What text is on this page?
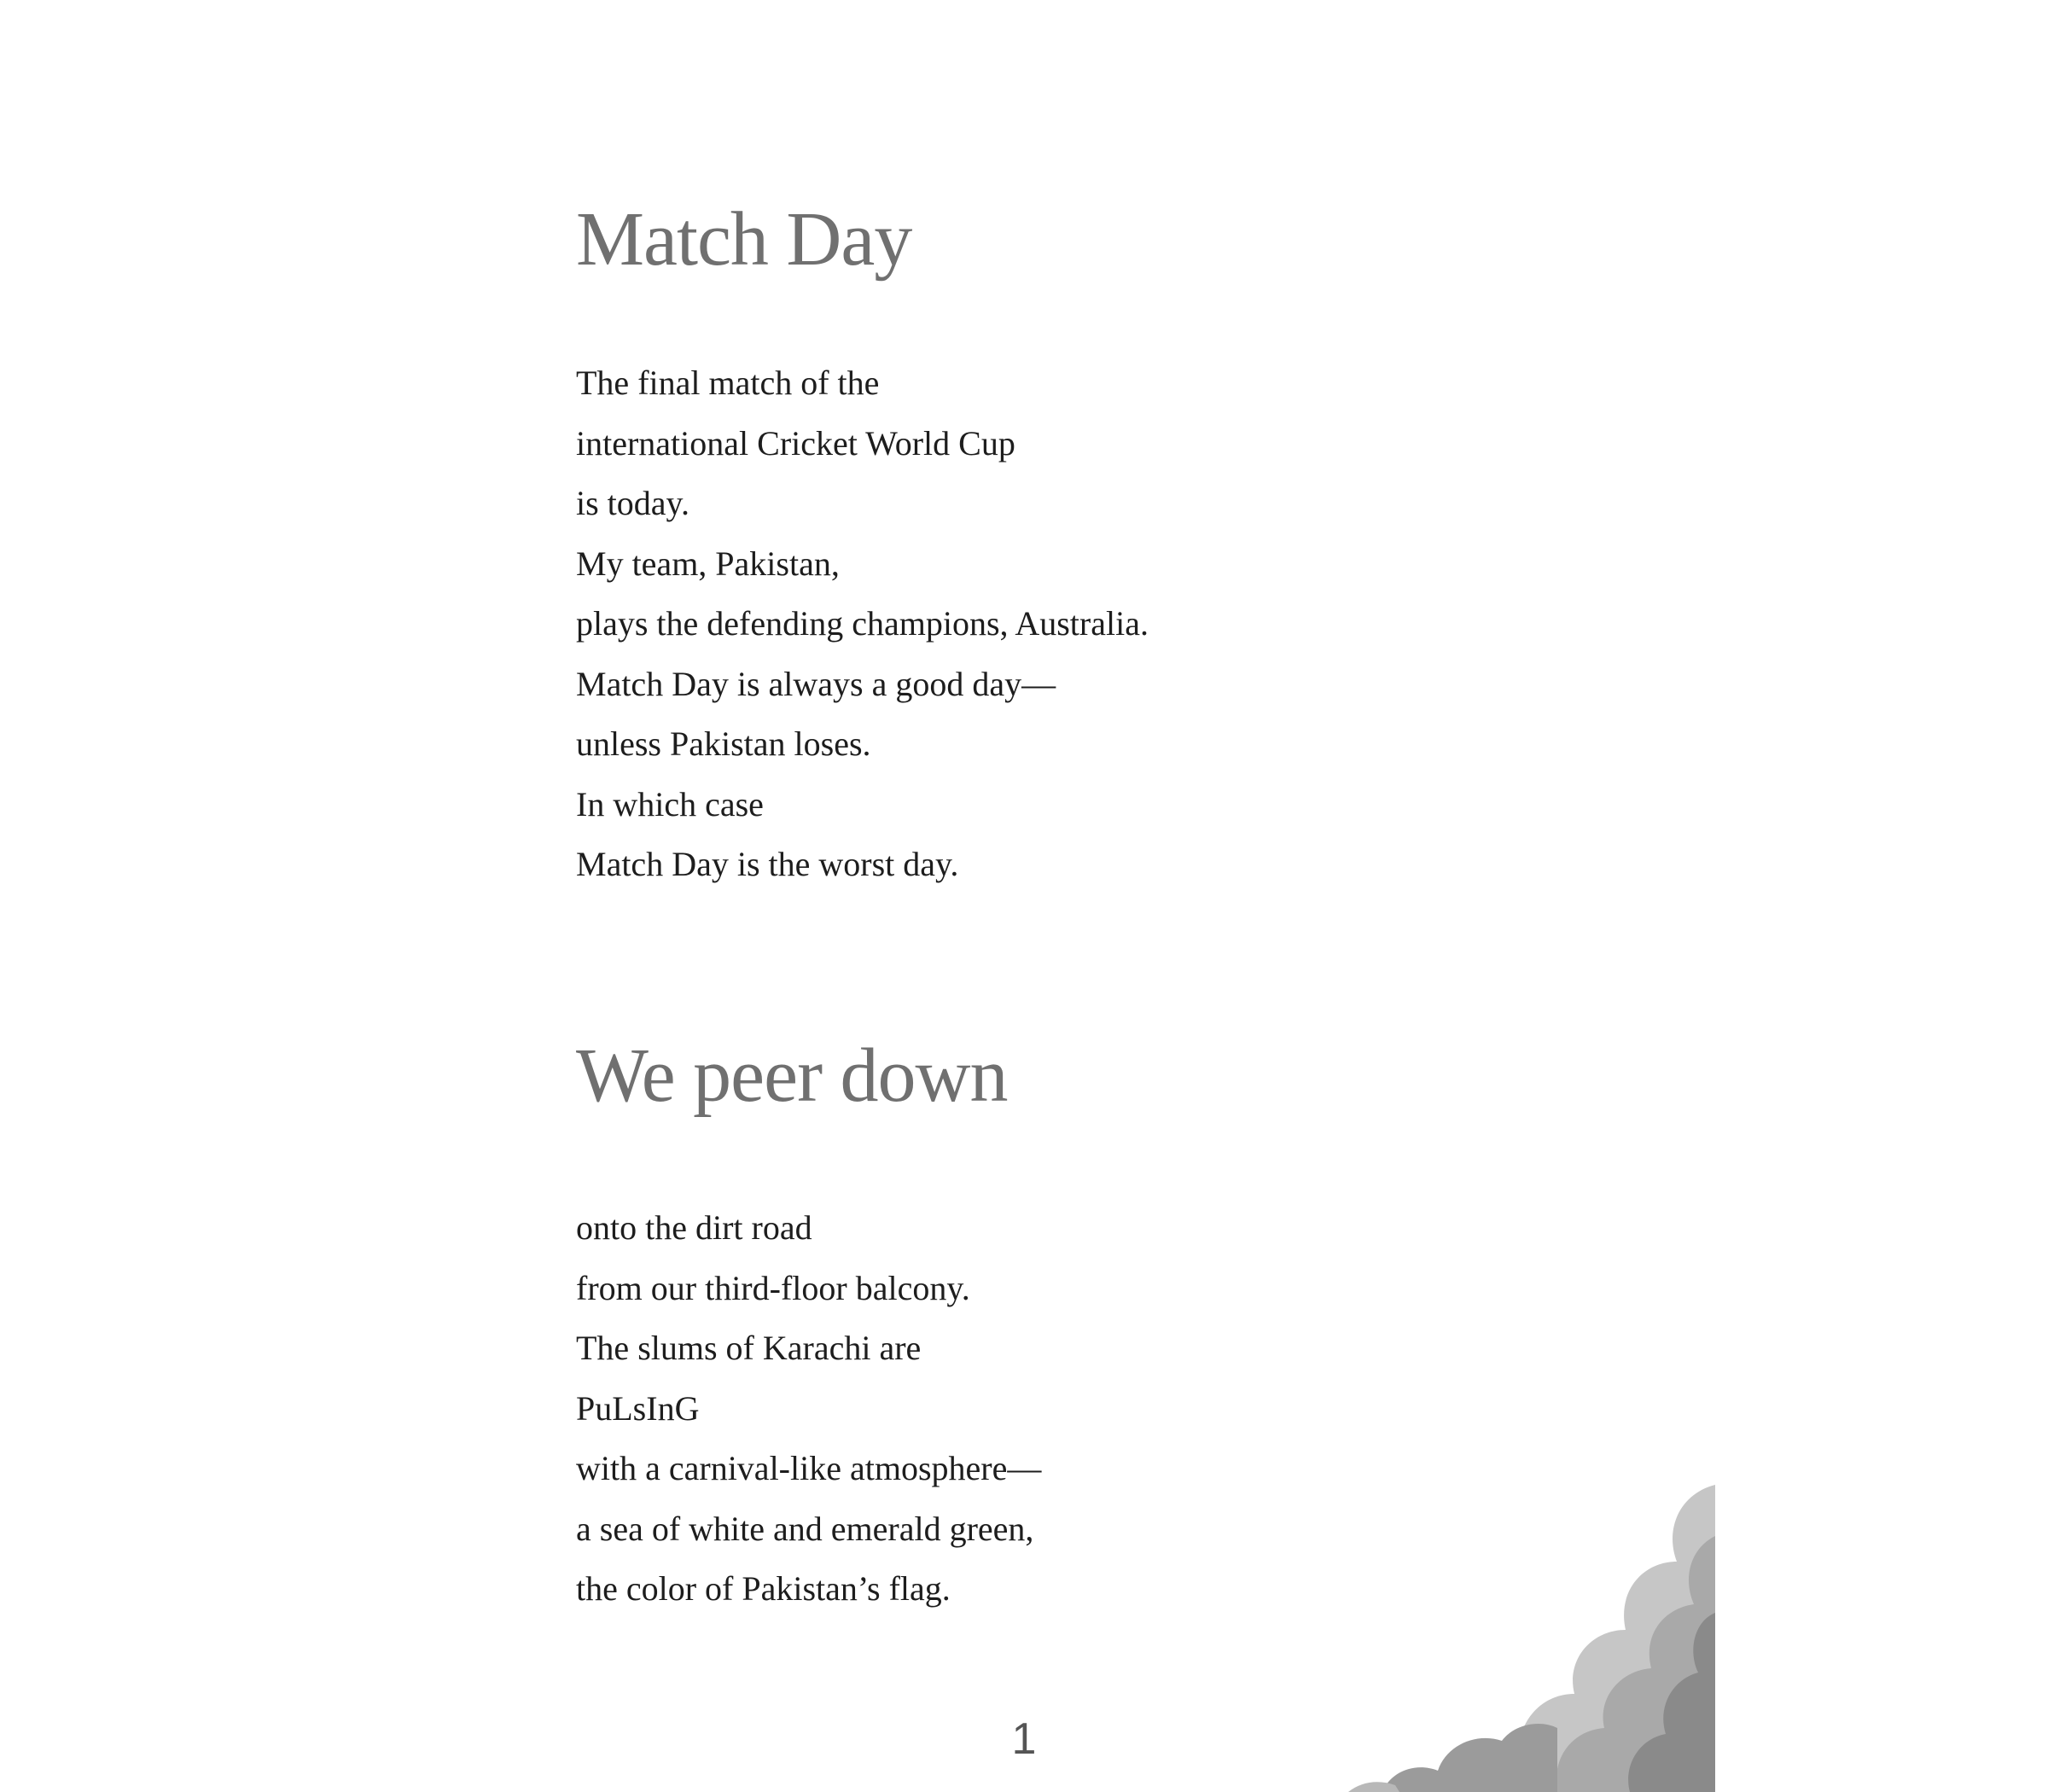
Match Day
The final match of the
international Cricket World Cup
is today.
My team, Pakistan,
plays the defending champions, Australia.
Match Day is always a good day—
unless Pakistan loses.
In which case
Match Day is the worst day.
We peer down
onto the dirt road
from our third-floor balcony.
The slums of Karachi are
PuLsInG
with a carnival-like atmosphere—
a sea of white and emerald green,
the color of Pakistan’s flag.
1
